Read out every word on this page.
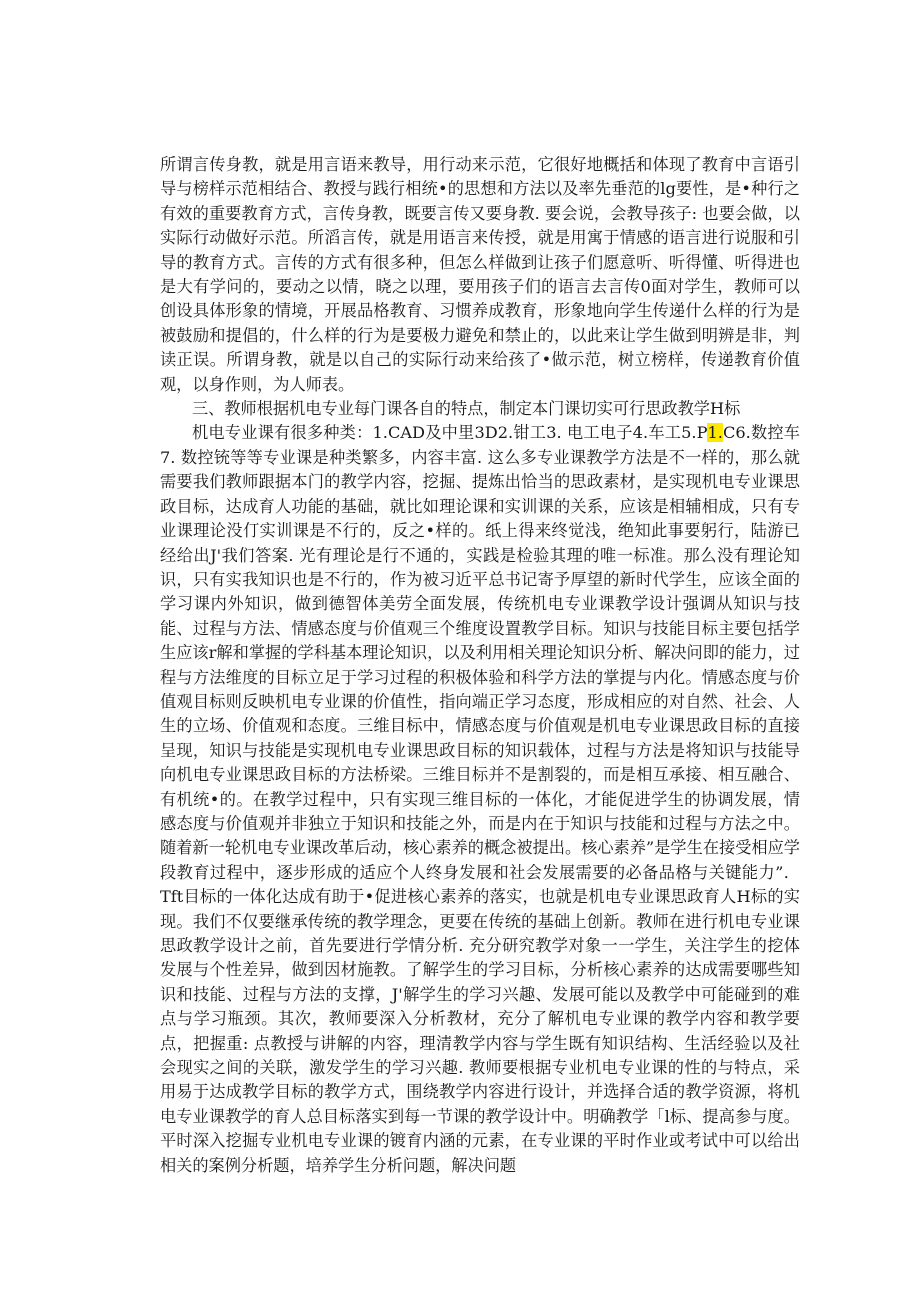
所谓言传身教，就是用言语来教导，用行动来示范，它很好地概括和体现了教育中言语引导与榜样示范相结合、教授与践行相统•的思想和方法以及率先垂范的lg要性，是•种行之有效的重要教育方式，言传身教，既要言传又要身教. 要会说，会教导孩子: 也要会做，以实际行动做好示范。所滔言传，就是用语言来传授，就是用寓于情感的语言进行说服和引导的教育方式。言传的方式有很多种，但怎么样做到让孩子们愿意听、听得懂、听得进也是大有学问的，要动之以情，晓之以理，要用孩子们的语言去言传0面对学生，教师可以创设具体形象的情境，开展品格教育、习惯养成教育，形象地向学生传递什么样的行为是被鼓励和提倡的，什么样的行为是要极力避免和禁止的，以此来让学生做到明辨是非，判读正误。所谓身教，就是以自己的实际行动来给孩了•做示范，树立榜样，传递教育价值观，以身作则，为人师表。

三、教师根据机电专业每门课各自的特点，制定本门课切实可行思政教学H标

机电专业课有很多种类：1.CAD及中里3D2.钳工3. 电工电子4.车工5.P1.C6.数控车7. 数控铳等等专业课是种类繁多，内容丰富. 这么多专业课教学方法是不一样的，那么就需要我们教师跟据本门的教学内容，挖掘、提炼出恰当的思政素材，是实现机电专业课思政目标，达成育人功能的基础，就比如理论课和实训课的关系，应该是相辅相成，只有专业课理论没仃实训课是不行的，反之•样的。纸上得来终觉浅，绝知此事要躬行，陆游已经给出J'我们答案. 光有理论是行不通的，实践是检验其理的唯一标准。那么没有理论知识，只有实我知识也是不行的，作为被习近平总书记寄予厚望的新时代学生，应该全面的学习课内外知识，做到德智体美劳全面发展，传统机电专业课教学设计强调从知识与技能、过程与方法、情感态度与价值观三个维度设置教学目标。知识与技能目标主要包括学生应该r解和掌握的学科基本理论知识，以及利用相关理论知识分析、解决问即的能力，过程与方法维度的目标立足于学习过程的积极体验和科学方法的掌提与内化。情感态度与价值观目标则反映机电专业课的价值性，指向端正学习态度，形成相应的对自然、社会、人生的立场、价值观和态度。三维目标中，情感态度与价值观是机电专业课思政目标的直接呈现，知识与技能是实现机电专业课思政目标的知识载体，过程与方法是将知识与技能导向机电专业课思政目标的方法桥梁。三维目标并不是割裂的，而是相互承接、相互融合、有机统•的。在教学过程中，只有实现三维目标的一体化，才能促进学生的协调发展，情感态度与价值观并非独立于知识和技能之外，而是内在于知识与技能和过程与方法之中。随着新一轮机电专业课改革后动，核心素养的概念被提出。核心素养”是学生在接受相应学段教育过程中，逐步形成的适应个人终身发展和社会发展需要的必备品格与关键能力”．Tft目标的一体化达成有助于•促进核心素养的落实，也就是机电专业课思政育人H标的实现。我们不仅要继承传统的教学理念，更要在传统的基础上创新。教师在进行机电专业课思政教学设计之前，首先要进行学情分析. 充分研究教学对象一一学生，关注学生的挖体发展与个性差异，做到因材施教。了解学生的学习目标，分析核心素养的达成需要哪些知识和技能、过程与方法的支撑，J'解学生的学习兴趣、发展可能以及教学中可能碰到的难点与学习瓶颈。其次，教师要深入分析教材，充分了解机电专业课的教学内容和教学要点，把握重: 点教授与讲解的内容，理清教学内容与学生既有知识结构、生活经验以及社会现实之间的关联，激发学生的学习兴趣. 教师要根据专业机电专业课的性的与特点，采用易于达成教学目标的教学方式，围绕教学内容进行设计，并选择合适的教学资源，将机电专业课教学的育人总目标落实到每一节课的教学设计中。明确教学「l标、提高参与度。平时深入挖掘专业机电专业课的镀育内涵的元素，在专业课的平时作业或考试中可以给出相关的案例分析题，培养学生分析问题，解决问题
